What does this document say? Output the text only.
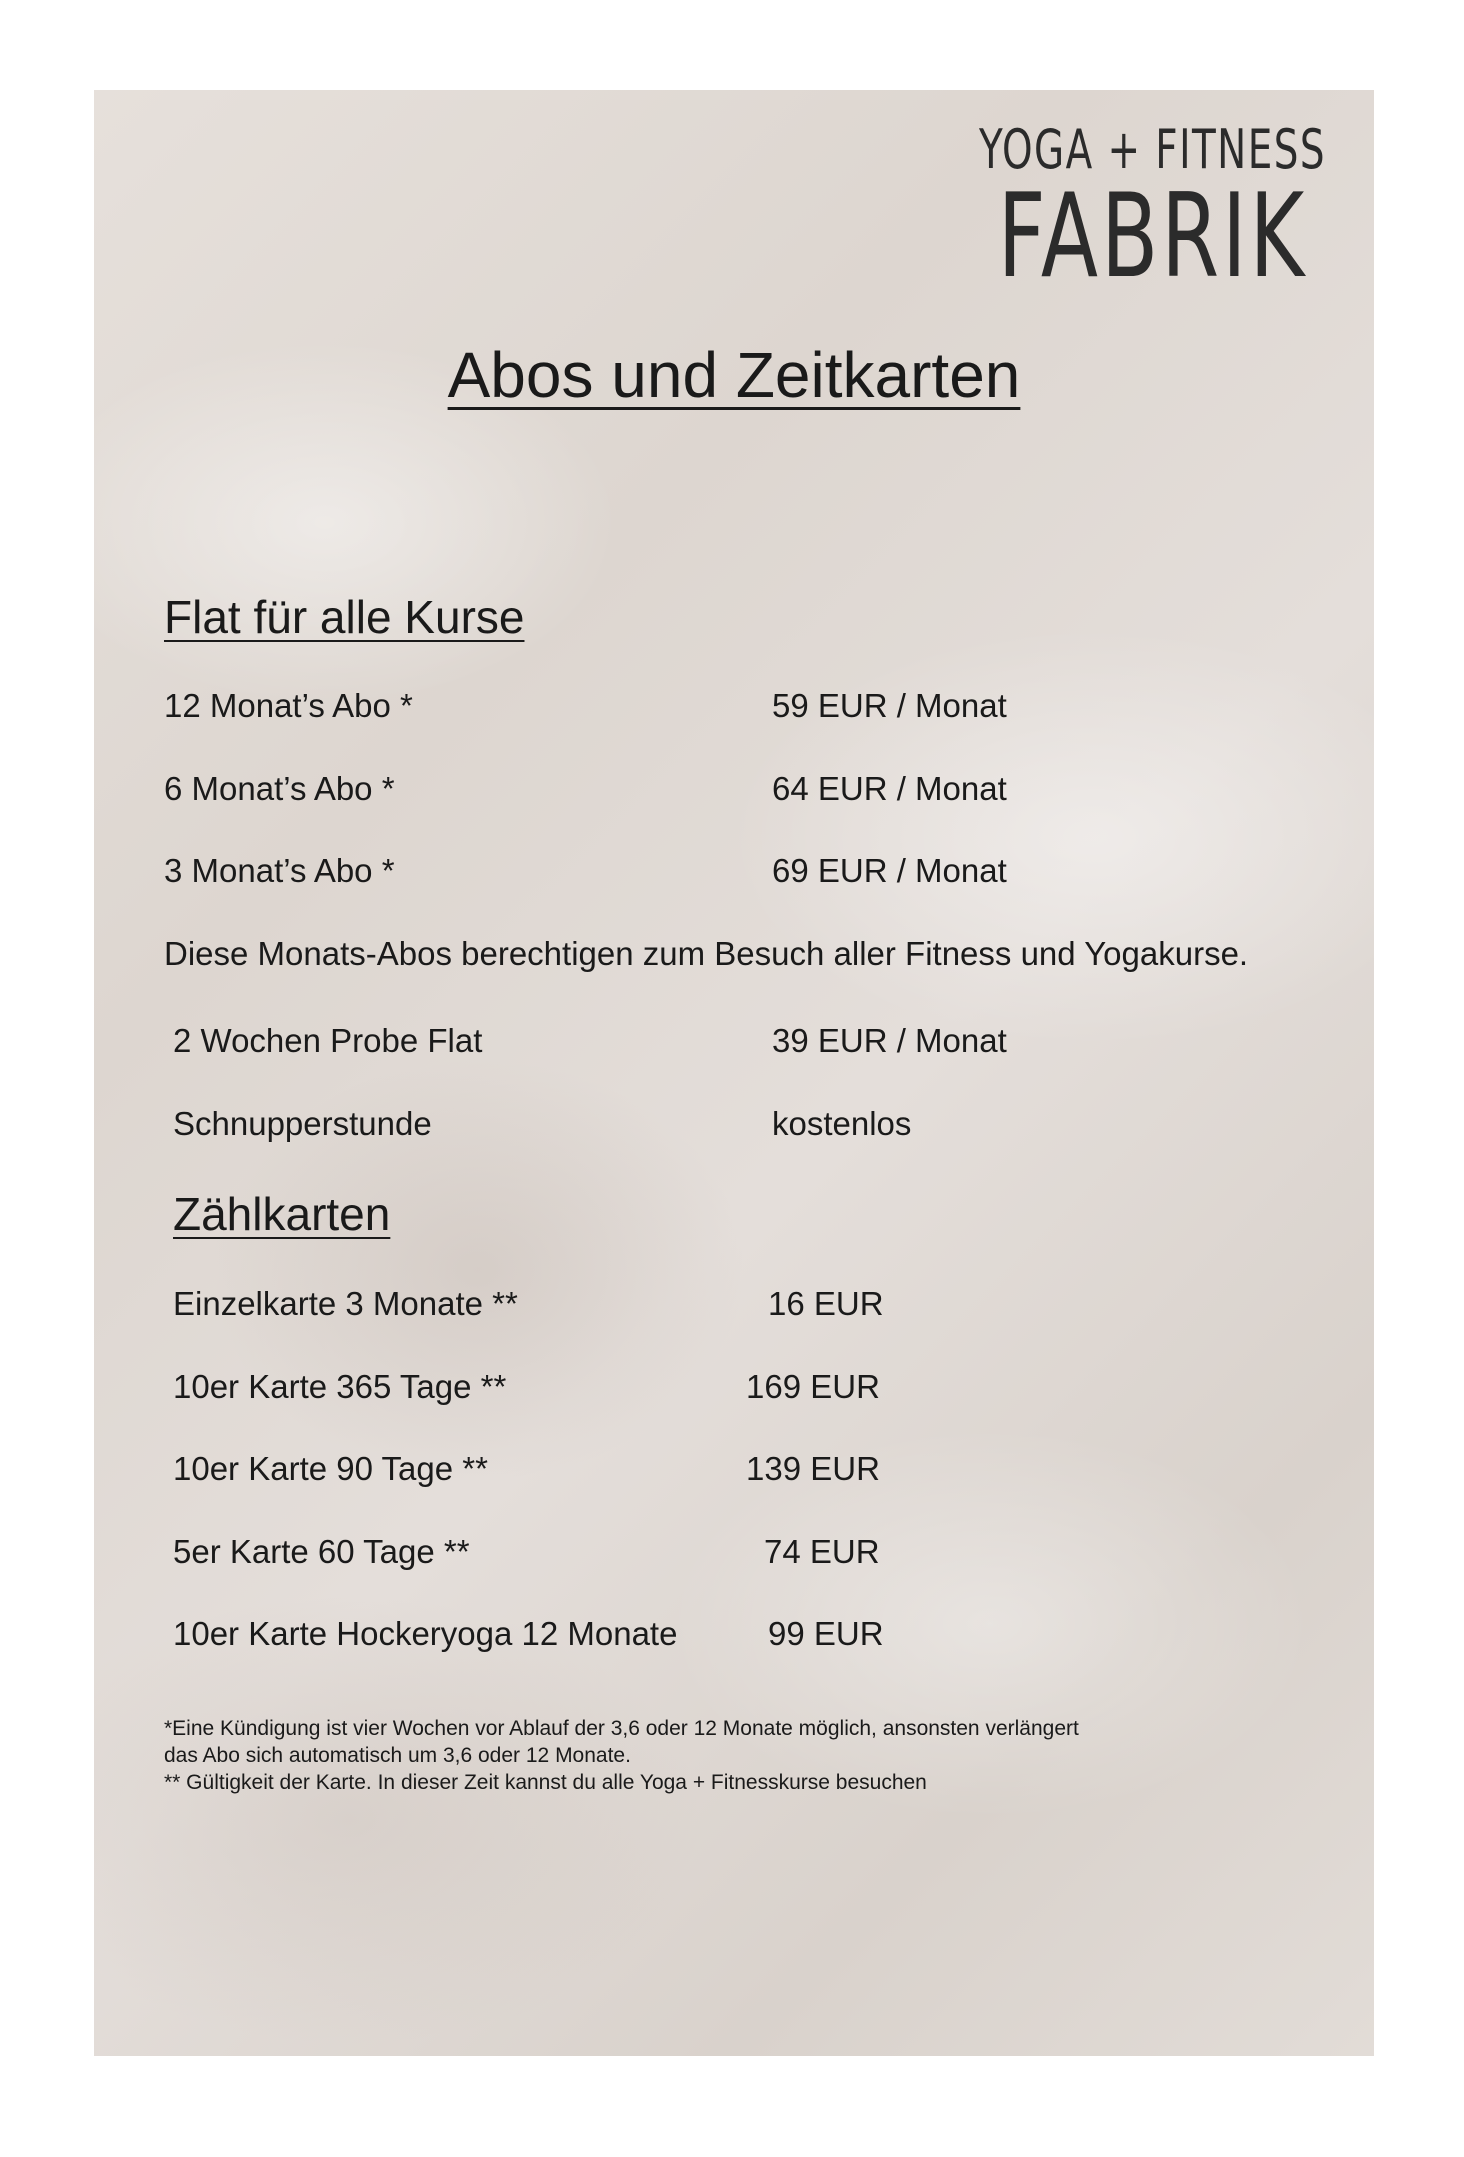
YOGA + FITNESS
FABRIK
Abos und Zeitkarten
Flat für alle Kurse
12 Monat’s Abo *	59 EUR / Monat
6 Monat’s Abo *	64 EUR / Monat
3 Monat’s Abo *	69 EUR / Monat
Diese Monats-Abos berechtigen zum Besuch aller Fitness und Yogakurse.
2 Wochen Probe Flat	39 EUR / Monat
Schnupperstunde	kostenlos
Zählkarten
Einzelkarte 3 Monate **	16 EUR
10er Karte 365 Tage **	169 EUR
10er Karte 90 Tage **	139 EUR
5er Karte 60 Tage **	74 EUR
10er Karte Hockeryoga 12 Monate	99 EUR
*Eine Kündigung ist vier Wochen vor Ablauf der 3,6 oder 12 Monate möglich, ansonsten verlängert
das Abo sich automatisch um 3,6 oder 12 Monate.
** Gültigkeit der Karte. In dieser Zeit kannst du alle Yoga + Fitnesskurse besuchen
